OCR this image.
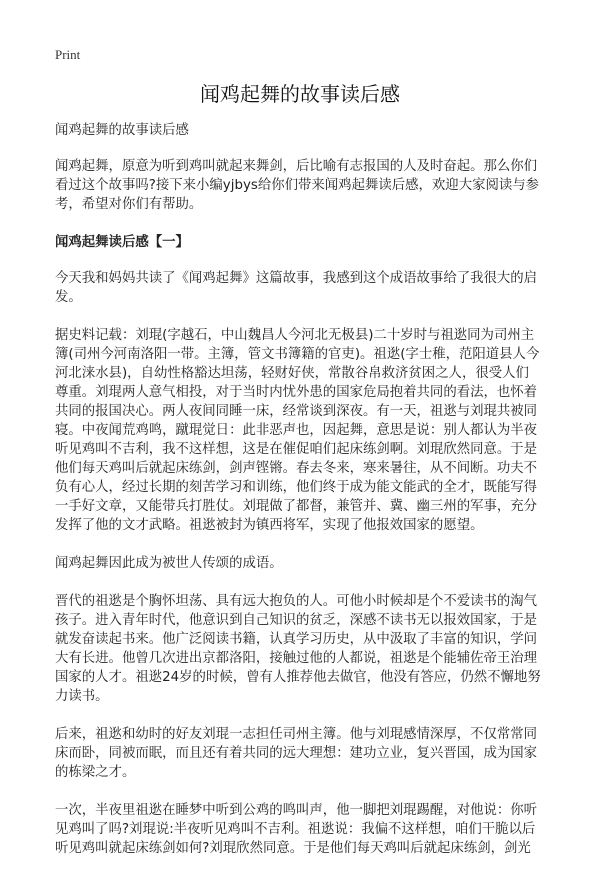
Print
闻鸡起舞的故事读后感
闻鸡起舞的故事读后感
闻鸡起舞，原意为听到鸡叫就起来舞剑，后比喻有志报国的人及时奋起。那么你们
看过这个故事吗?接下来小编yjbys给你们带来闻鸡起舞读后感，欢迎大家阅读与参
考，希望对你们有帮助。
闻鸡起舞读后感【一】
今天我和妈妈共读了《闻鸡起舞》这篇故事，我感到这个成语故事给了我很大的启
发。
据史料记载：刘琨(字越石，中山魏昌人今河北无极县)二十岁时与祖逖同为司州主
簿(司州今河南洛阳一带。主簿，管文书簿籍的官吏)。祖逖(字士稚，范阳道县人今
河北涞水县)，自幼性格豁达坦荡，轻财好侠，常散谷帛救济贫困之人，很受人们
尊重。刘琨两人意气相投，对于当时内忧外患的国家危局抱着共同的看法，也怀着
共同的报国决心。两人夜间同睡一床，经常谈到深夜。有一天，祖逖与刘琨共被同
寝。中夜闻荒鸡鸣，蹴琨觉日：此非恶声也，因起舞，意思是说：别人都认为半夜
听见鸡叫不吉利，我不这样想，这是在催促咱们起床练剑啊。刘琨欣然同意。于是
他们每天鸡叫后就起床练剑，剑声铿锵。春去冬来，寒来暑往，从不间断。功夫不
负有心人，经过长期的刻苦学习和训练，他们终于成为能文能武的全才，既能写得
一手好文章，又能带兵打胜仗。刘琨做了都督，兼管并、冀、幽三州的军事，充分
发挥了他的文才武略。祖逖被封为镇西将军，实现了他报效国家的愿望。
闻鸡起舞因此成为被世人传颂的成语。
晋代的祖逖是个胸怀坦荡、具有远大抱负的人。可他小时候却是个不爱读书的淘气
孩子。进入青年时代，他意识到自己知识的贫乏，深感不读书无以报效国家，于是
就发奋读起书来。他广泛阅读书籍，认真学习历史，从中汲取了丰富的知识，学问
大有长进。他曾几次进出京都洛阳，接触过他的人都说，祖逖是个能辅佐帝王治理
国家的人才。祖逖24岁的时候，曾有人推荐他去做官，他没有答应，仍然不懈地努
力读书。
后来，祖逖和幼时的好友刘琨一志担任司州主簿。他与刘琨感情深厚，不仅常常同
床而卧，同被而眠，而且还有着共同的远大理想：建功立业，复兴晋国，成为国家
的栋梁之才。
一次，半夜里祖逖在睡梦中听到公鸡的鸣叫声，他一脚把刘琨踢醒，对他说：你听
见鸡叫了吗?刘琨说:半夜听见鸡叫不吉利。祖逖说：我偏不这样想，咱们干脆以后
听见鸡叫就起床练剑如何?刘琨欣然同意。于是他们每天鸡叫后就起床练剑，剑光
